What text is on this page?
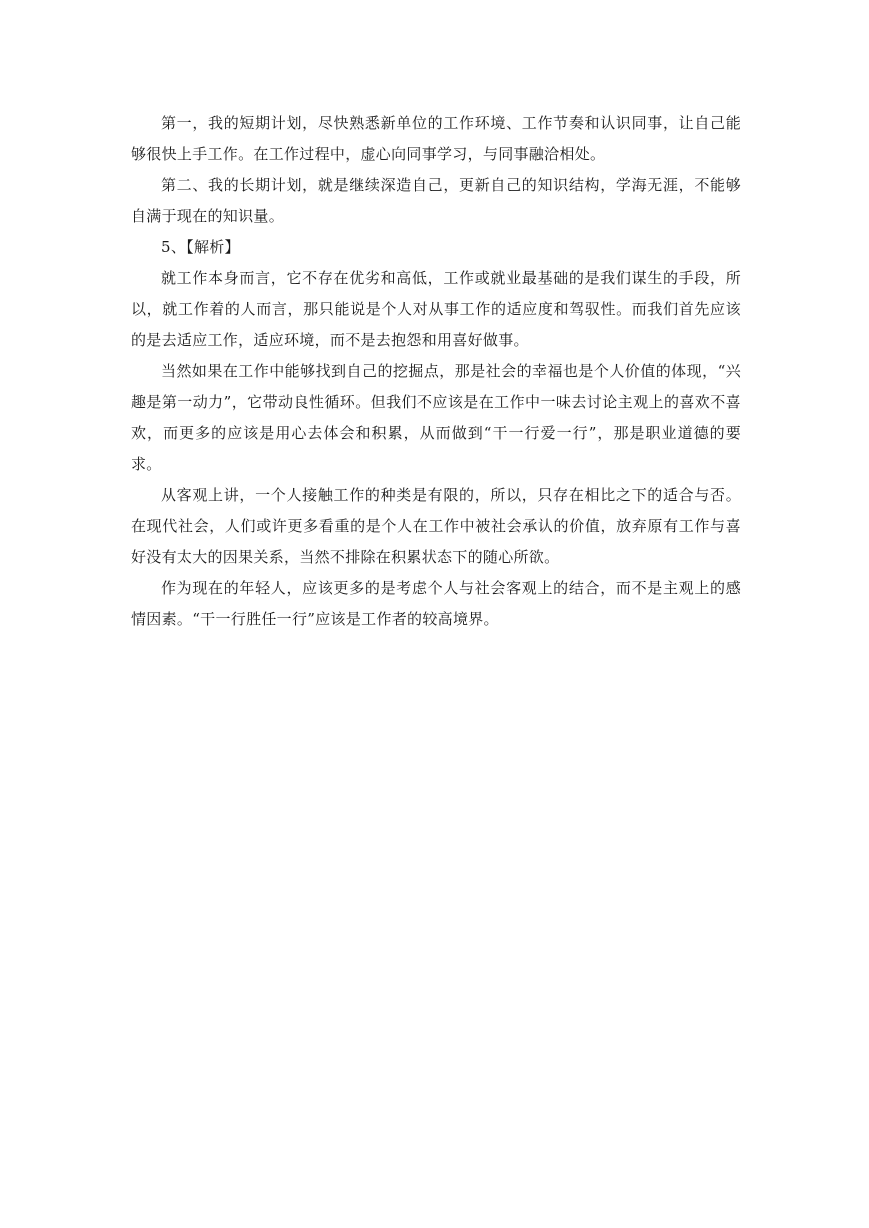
第一，我的短期计划，尽快熟悉新单位的工作环境、工作节奏和认识同事，让自己能够很快上手工作。在工作过程中，虚心向同事学习，与同事融洽相处。

第二、我的长期计划，就是继续深造自己，更新自己的知识结构，学海无涯，不能够自满于现在的知识量。

5、【解析】

就工作本身而言，它不存在优劣和高低，工作或就业最基础的是我们谋生的手段，所以，就工作着的人而言，那只能说是个人对从事工作的适应度和驾驭性。而我们首先应该的是去适应工作，适应环境，而不是去抱怨和用喜好做事。

当然如果在工作中能够找到自己的挖掘点，那是社会的幸福也是个人价值的体现，“兴趣是第一动力”，它带动良性循环。但我们不应该是在工作中一味去讨论主观上的喜欢不喜欢，而更多的应该是用心去体会和积累，从而做到“干一行爱一行”，那是职业道德的要求。

从客观上讲，一个人接触工作的种类是有限的，所以，只存在相比之下的适合与否。在现代社会，人们或许更多看重的是个人在工作中被社会承认的价值，放弃原有工作与喜好没有太大的因果关系，当然不排除在积累状态下的随心所欲。

作为现在的年轻人，应该更多的是考虑个人与社会客观上的结合，而不是主观上的感情因素。“干一行胜任一行”应该是工作者的较高境界。
